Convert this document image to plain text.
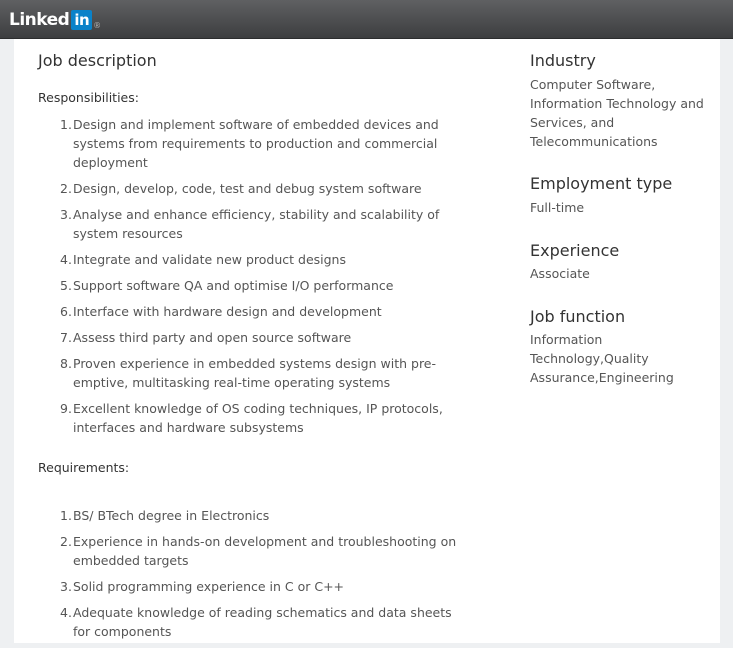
Linked in ®
Job description
Responsibilities:
1. Design and implement software of embedded devices and systems from requirements to production and commercial deployment
2. Design, develop, code, test and debug system software
3. Analyse and enhance efficiency, stability and scalability of system resources
4. Integrate and validate new product designs
5. Support software QA and optimise I/O performance
6. Interface with hardware design and development
7. Assess third party and open source software
8. Proven experience in embedded systems design with pre-emptive, multitasking real-time operating systems
9. Excellent knowledge of OS coding techniques, IP protocols, interfaces and hardware subsystems
Requirements:
1. BS/ BTech degree in Electronics
2. Experience in hands-on development and troubleshooting on embedded targets
3. Solid programming experience in C or C++
4. Adequate knowledge of reading schematics and data sheets for components
Industry
Computer Software, Information Technology and Services, and Telecommunications
Employment type
Full-time
Experience
Associate
Job function
Information Technology,Quality Assurance,Engineering
